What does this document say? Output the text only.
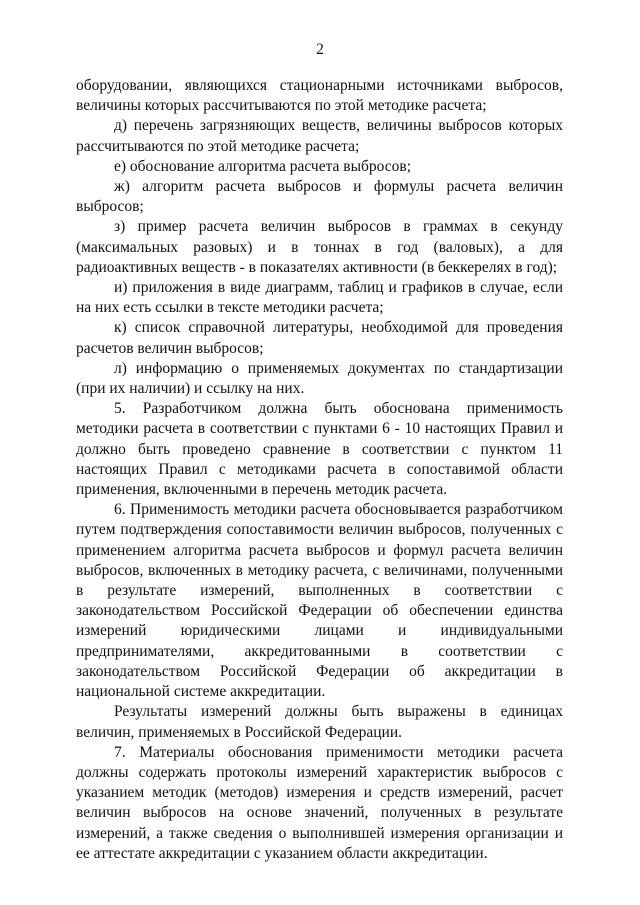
2

оборудовании, являющихся стационарными источниками выбросов, величины которых рассчитываются по этой методике расчета;

д) перечень загрязняющих веществ, величины выбросов которых рассчитываются по этой методике расчета;

е) обоснование алгоритма расчета выбросов;

ж) алгоритм расчета выбросов и формулы расчета величин выбросов;

з) пример расчета величин выбросов в граммах в секунду (максимальных разовых) и в тоннах в год (валовых), а для радиоактивных веществ - в показателях активности (в беккерелях в год);

и) приложения в виде диаграмм, таблиц и графиков в случае, если на них есть ссылки в тексте методики расчета;

к) список справочной литературы, необходимой для проведения расчетов величин выбросов;

л) информацию о применяемых документах по стандартизации (при их наличии) и ссылку на них.

5. Разработчиком должна быть обоснована применимость методики расчета в соответствии с пунктами 6 - 10 настоящих Правил и должно быть проведено сравнение в соответствии с пунктом 11 настоящих Правил с методиками расчета в сопоставимой области применения, включенными в перечень методик расчета.

6. Применимость методики расчета обосновывается разработчиком путем подтверждения сопоставимости величин выбросов, полученных с применением алгоритма расчета выбросов и формул расчета величин выбросов, включенных в методику расчета, с величинами, полученными в результате измерений, выполненных в соответствии с законодательством Российской Федерации об обеспечении единства измерений юридическими лицами и индивидуальными предпринимателями, аккредитованными в соответствии с законодательством Российской Федерации об аккредитации в национальной системе аккредитации.

Результаты измерений должны быть выражены в единицах величин, применяемых в Российской Федерации.

7. Материалы обоснования применимости методики расчета должны содержать протоколы измерений характеристик выбросов с указанием методик (методов) измерения и средств измерений, расчет величин выбросов на основе значений, полученных в результате измерений, а также сведения о выполнившей измерения организации и ее аттестате аккредитации с указанием области аккредитации.
